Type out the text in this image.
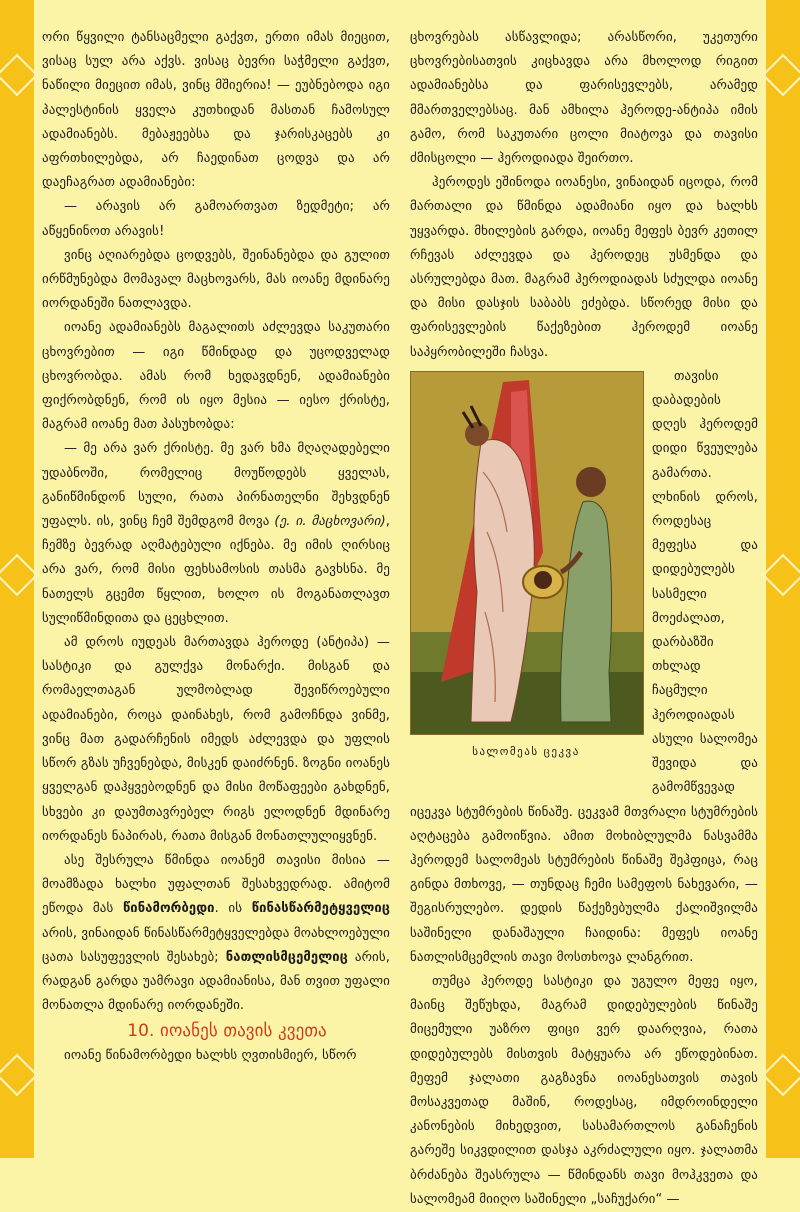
ორი წყვილი ტანსაცმელი გაქვთ, ერთი იმას მიეცით, ვისაც სულ არა აქვს. ვისაც ბევრი საჭმელი გაქვთ, ნაწილი მიეცით იმას, ვინც მშიერია! — ეუბნებოდა იგი პალესტინის ყველა კუთხიდან მასთან ჩამოსულ ადამიანებს. მებაჟეებსა და ჯარისკაცებს კი აფრთხილებდა, არ ჩაედინათ ცოდვა და არ დაეჩაგრათ ადამიანები:

— არავის არ გამოართვათ ზედმეტი; არ აწყენინოთ არავის!

ვინც აღიარებდა ცოდვებს, შეინანებდა და გულით ირწმუნებდა მომავალ მაცხოვარს, მას იოანე მდინარე იორდანეში ნათლავდა.

იოანე ადამიანებს მაგალითს აძლევდა საკუთარი ცხოვრებით — იგი წმინდად და უცოდველად ცხოვრობდა. ამას რომ ხედავდნენ, ადამიანები ფიქრობდნენ, რომ ის იყო მესია — იესო ქრისტე, მაგრამ იოანე მათ პასუხობდა:

— მე არა ვარ ქრისტე. მე ვარ ხმა მღაღადებელი უდაბნოში, რომელიც მოუწოდებს ყველას, განიწმინდონ სული, რათა პირნათელნი შეხვდნენ უფალს. ის, ვინც ჩემ შემდგომ მოვა (ე. ი. მაცხოვარი), ჩემზე ბევრად აღმატებული იქნება. მე იმის ღირსიც არა ვარ, რომ მისი ფეხსამოსის თასმა გავხსნა. მე ნათელს გცემთ წყლით, ხოლო ის მოგანათლავთ სულიწმინდითა და ცეცხლით.

ამ დროს იუდეას მართავდა ჰეროდე (ანტიპა) — სასტიკი და გულქვა მონარქი. მისგან და რომაელთაგან ულმობლად შევიწროებული ადამიანები, როცა დაინახეს, რომ გამოჩნდა ვინმე, ვინც მათ გადარჩენის იმედს აძლევდა და უფლის სწორ გზას უჩვენებდა, მისკენ დაიძრნენ. ზოგნი იოანეს ყველგან დაჰყვებოდნენ და მისი მოწაფეები გახდნენ, სხვები კი დაუმთავრებელ რიგს ელოდნენ მდინარე იორდანეს ნაპირას, რათა მისგან მონათლულიყვნენ.

ასე შესრულა წმინდა იოანემ თავისი მისია — მოამზადა ხალხი უფალთან შესახვედრად. ამიტომ ეწოდა მას წინამორბედი. ის წინასწარმეტყველიც არის, ვინაიდან წინასწარმეტყველებდა მოახლოებული ცათა სასუფევლის შესახებ; ნათლისმცემელიც არის, რადგან გარდა უამრავი ადამიანისა, მან თვით უფალი მონათლა მდინარე იორდანეში.

10. იოანეს თავის კვეთა

იოანე წინამორბედი ხალხს ღვთისმიერ, სწორ

ცხოვრებას ასწავლიდა; არასწორი, უკეთური ცხოვრებისათვის კიცხავდა არა მხოლოდ რიგით ადამიანებსა და ფარისევლებს, არამედ მმართველებსაც. მან ამხილა ჰეროდე-ანტიპა იმის გამო, რომ საკუთარი ცოლი მიატოვა და თავისი ძმისცოლი — ჰეროდიადა შეირთო.

ჰეროდეს ეშინოდა იოანესი, ვინაიდან იცოდა, რომ მართალი და წმინდა ადამიანი იყო და ხალხს უყვარდა. მხილების გარდა, იოანე მეფეს ბევრ კეთილ რჩევას აძლევდა და ჰეროდეც უსმენდა და ასრულებდა მათ. მაგრამ ჰეროდიადას სძულდა იოანე და მისი დასჯის საბაბს ეძებდა. სწორედ მისი და ფარისევლების წაქეზებით ჰეროდემ იოანე საპყრობილეში ჩასვა.

სალომეას ცეკვა

თავისი დაბადების დღეს ჰეროდემ დიდი წვეულება გამართა. ლხინის დროს, როდესაც მეფესა და დიდებულებს სასმელი მოეძალათ, დარბაზში თხლად ჩაცმული ჰეროდიადას ასული სალომეა შევიდა და გამომწვევად იცეკვა სტუმრების წინაშე. ცეკვამ მთვრალი სტუმრების აღტაცება გამოიწვია. ამით მოხიბლულმა ნასვამმა ჰეროდემ სალომეას სტუმრების წინაშე შეჰფიცა, რაც გინდა მთხოვე, — თუნდაც ჩემი სამეფოს ნახევარი, — შეგისრულებო. დედის წაქეზებულმა ქალიშვილმა საშინელი დანაშაული ჩაიდინა: მეფეს იოანე ნათლისმცემლის თავი მოსთხოვა ლანგრით.

თუმცა ჰეროდე სასტიკი და უგულო მეფე იყო, მაინც შეწუხდა, მაგრამ დიდებულების წინაშე მიცემული უაზრო ფიცი ვერ დაარღვია, რათა დიდებულებს მისთვის მატყუარა არ ეწოდებინათ. მეფემ ჯალათი გაგზავნა იოანესათვის თავის მოსაკვეთად მაშინ, როდესაც, იმდროინდელი კანონების მიხედვით, სასამართლოს განაჩენის გარეშე სიკვდილით დასჯა აკრძალული იყო. ჯალათმა ბრძანება შეასრულა — წმინდანს თავი მოჰკვეთა და სალომეამ მიიღო საშინელი „საჩუქარი“ —
